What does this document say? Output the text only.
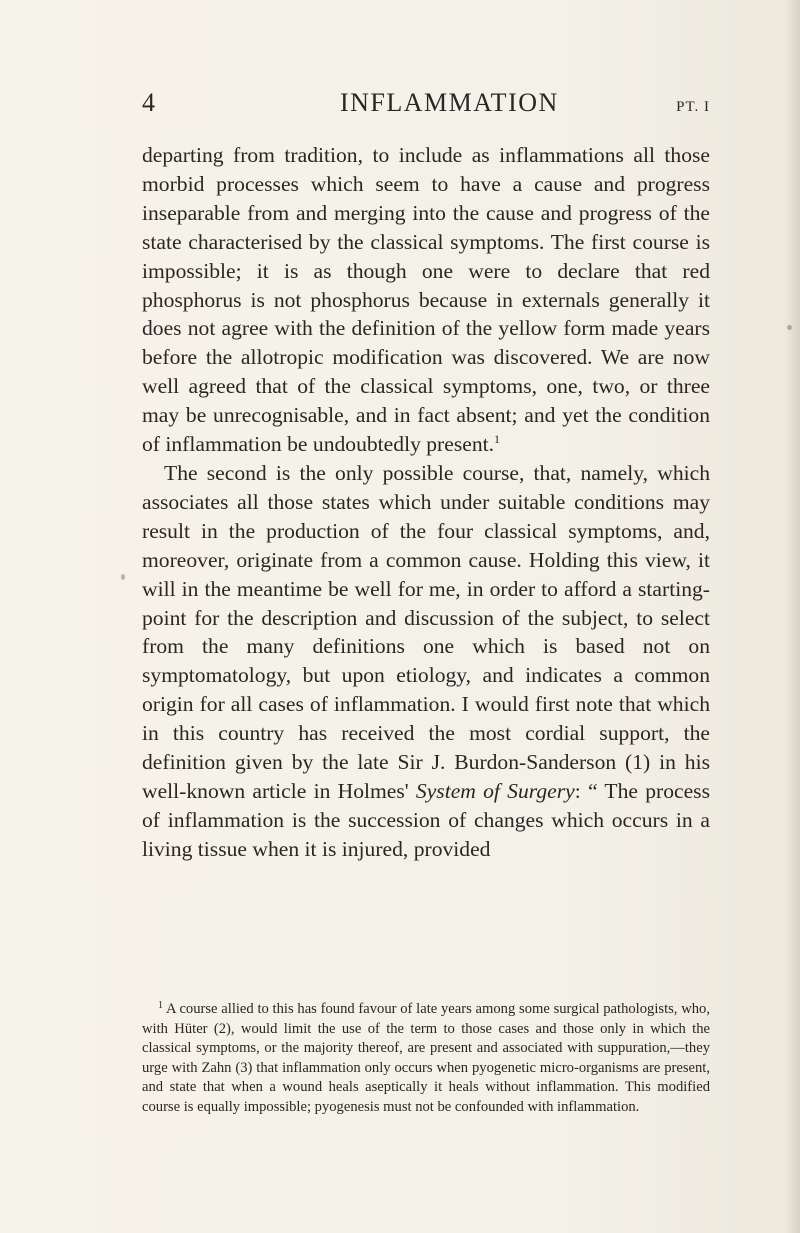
4	INFLAMMATION	PT. I

departing from tradition, to include as inflammations all those morbid processes which seem to have a cause and progress inseparable from and merging into the cause and progress of the state characterised by the classical symptoms. The first course is impossible; it is as though one were to declare that red phosphorus is not phosphorus because in externals generally it does not agree with the definition of the yellow form made years before the allotropic modification was discovered. We are now well agreed that of the classical symptoms, one, two, or three may be unrecognisable, and in fact absent; and yet the condition of inflammation be undoubtedly present.$^1$

The second is the only possible course, that, namely, which associates all those states which under suitable conditions may result in the production of the four classical symptoms, and, moreover, originate from a common cause. Holding this view, it will in the meantime be well for me, in order to afford a starting-point for the description and discussion of the subject, to select from the many definitions one which is based not on symptomatology, but upon etiology, and indicates a common origin for all cases of inflammation. I would first note that which in this country has received the most cordial support, the definition given by the late Sir J. Burdon-Sanderson (1) in his well-known article in Holmes' System of Surgery: “ The process of inflammation is the succession of changes which occurs in a living tissue when it is injured, provided

$^1$ A course allied to this has found favour of late years among some surgical pathologists, who, with Hüter (2), would limit the use of the term to those cases and those only in which the classical symptoms, or the majority thereof, are present and associated with suppuration,—they urge with Zahn (3) that inflammation only occurs when pyogenetic micro-organisms are present, and state that when a wound heals aseptically it heals without inflammation. This modified course is equally impossible; pyogenesis must not be confounded with inflammation.
